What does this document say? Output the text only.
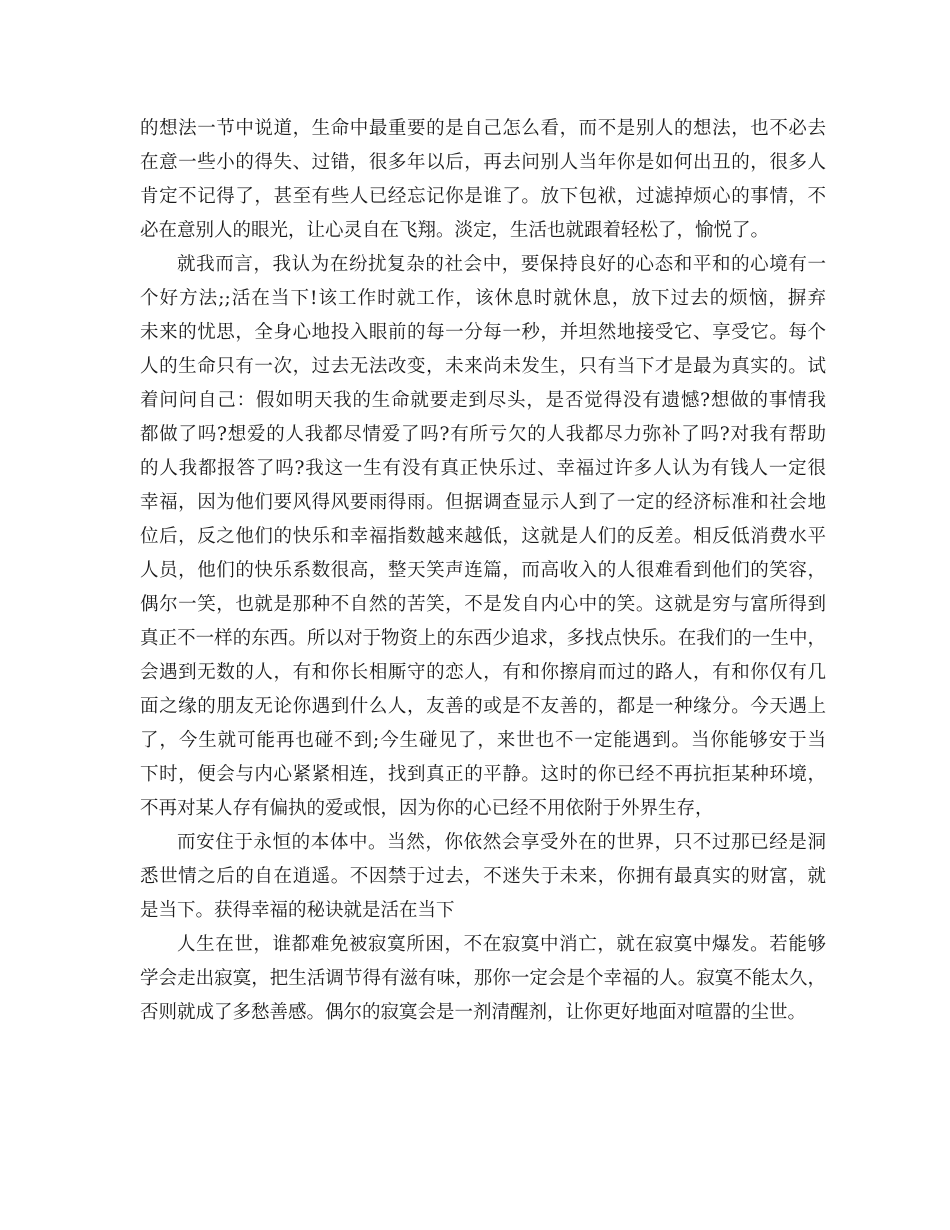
的想法一节中说道，生命中最重要的是自己怎么看，而不是别人的想法，也不必去
在意一些小的得失、过错，很多年以后，再去问别人当年你是如何出丑的，很多人
肯定不记得了，甚至有些人已经忘记你是谁了。放下包袱，过滤掉烦心的事情，不
必在意别人的眼光，让心灵自在飞翔。淡定，生活也就跟着轻松了，愉悦了。
就我而言，我认为在纷扰复杂的社会中，要保持良好的心态和平和的心境有一
个好方法;;活在当下!该工作时就工作，该休息时就休息，放下过去的烦恼，摒弃
未来的忧思，全身心地投入眼前的每一分每一秒，并坦然地接受它、享受它。每个
人的生命只有一次，过去无法改变，未来尚未发生，只有当下才是最为真实的。试
着问问自己：假如明天我的生命就要走到尽头，是否觉得没有遗憾?想做的事情我
都做了吗?想爱的人我都尽情爱了吗?有所亏欠的人我都尽力弥补了吗?对我有帮助
的人我都报答了吗?我这一生有没有真正快乐过、幸福过许多人认为有钱人一定很
幸福，因为他们要风得风要雨得雨。但据调查显示人到了一定的经济标准和社会地
位后，反之他们的快乐和幸福指数越来越低，这就是人们的反差。相反低消费水平
人员，他们的快乐系数很高，整天笑声连篇，而高收入的人很难看到他们的笑容，
偶尔一笑，也就是那种不自然的苦笑，不是发自内心中的笑。这就是穷与富所得到
真正不一样的东西。所以对于物资上的东西少追求，多找点快乐。在我们的一生中，
会遇到无数的人，有和你长相厮守的恋人，有和你擦肩而过的路人，有和你仅有几
面之缘的朋友无论你遇到什么人，友善的或是不友善的，都是一种缘分。今天遇上
了，今生就可能再也碰不到;今生碰见了，来世也不一定能遇到。当你能够安于当
下时，便会与内心紧紧相连，找到真正的平静。这时的你已经不再抗拒某种环境，
不再对某人存有偏执的爱或恨，因为你的心已经不用依附于外界生存，
而安住于永恒的本体中。当然，你依然会享受外在的世界，只不过那已经是洞
悉世情之后的自在逍遥。不因禁于过去，不迷失于未来，你拥有最真实的财富，就
是当下。获得幸福的秘诀就是活在当下
人生在世，谁都难免被寂寞所困，不在寂寞中消亡，就在寂寞中爆发。若能够
学会走出寂寞，把生活调节得有滋有味，那你一定会是个幸福的人。寂寞不能太久，
否则就成了多愁善感。偶尔的寂寞会是一剂清醒剂，让你更好地面对喧嚣的尘世。
